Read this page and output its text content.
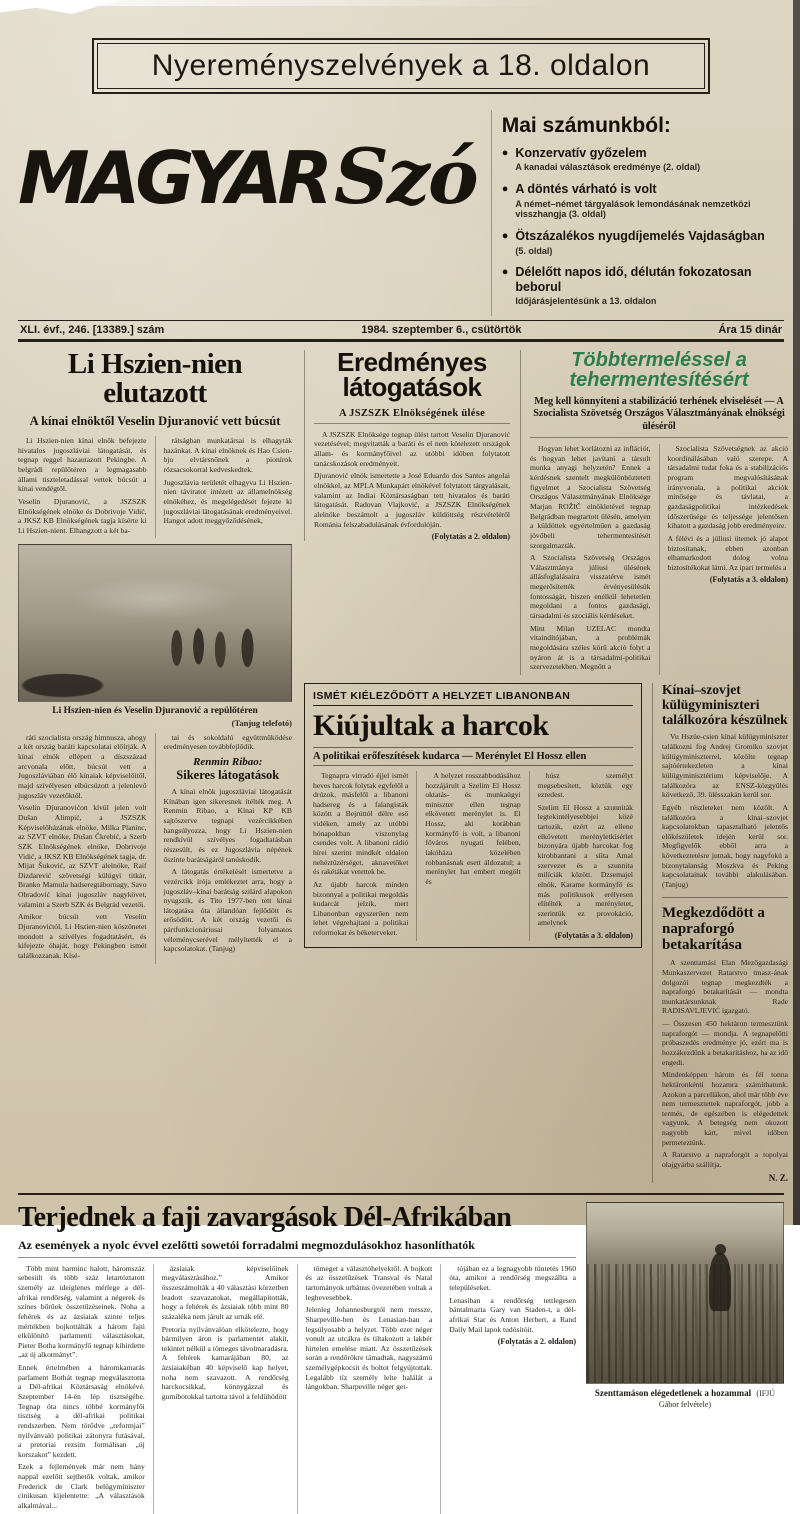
Nyereményszelvények a 18. oldalon
MAGYARSzó
Mai számunkból:
● Konzervatív győzelem
A kanadai választások eredménye (2. oldal)
● A döntés várható is volt
A német–német tárgyalások lemondásának nemzetközi visszhangja (3. oldal)
● Ötszázalékos nyugdíjemelés Vajdaságban
(5. oldal)
● Délelőtt napos idő, délután fokozatosan beborul
Időjárásjelentésünk a 13. oldalon
XLI. évf., 246. [13389.] szám	1984. szeptember 6., csütörtök	Ára 15 dinár
Li Hszien-nien elutazott
A kínai elnöktől Veselin Djuranović vett búcsút

Li Hszien-nien kínai elnök befejezte hivatalos jugoszláviai látogatását, és tegnap reggel hazautazott Pekingbe. A belgrádi repülőtéren a legmagasabb állami tiszteletadással vettek búcsút a kínai vendégtől.

Veselin Djuranović, a JSZSZK Elnökségének elnöke és Dobrivoje Vidić, a JKSZ KB Elnökségének tagja kísérte ki Li Hszien-nient. Elhangzott a két ba-

rátságban munkatársai is elhagyták hazánkat. A kínai elnöknek és Hao Csien-bju elvtársnőnek a pionírok rózsacsokorral kedveskedtek.

Jugoszlávia területét elhagyva Li Hszien-nien táviratot intézett az államelnökség elnökéhez, és megelégedését fejezte ki jugoszláviai látogatásának eredményeivel. Hangot adott meggyőződésének,

Li Hszien-nien és Veselin Djuranović a repülőtéren
(Tanjug telefotó)

ráti szocialista ország himnusza, ahogy a két ország baráti kapcsolatai előírják. A kínai elnök ellépett a díszszázad arcvonala előtt, búcsút vett a Jugoszláviában élő kínaiak képviselőitől, majd szívélyesen elbúcsúzott a jelenlevő jugoszláv vezetőktől.

Veselin Djuranovićon kívül jelen volt Dušan Alimpić, a JSZSZK Képviselőházának elnöke, Milka Planinc, az SZVT elnöke, Dušan Čkrebić, a Szerb SZK Elnökségének elnöke, Dobrivoje Vidić, a JKSZ KB Elnökségének tagja, dr. Mijat Šuković, az SZVT alelnöke, Raif Dizdarević szövetségi külügyi titkár, Branko Mamula hadseregtábornagy, Savo Obradović kínai jugoszláv nagykövet, valamint a Szerb SZK és Belgrád vezetői.

Amikor búcsút vett Veselin Djuranovićtól, Li Hszien-nien köszönetet mondott a szívélyes fogadtatásért, és kifejezte óhaját, hogy Pekingben ismét találkozzanak. Kísé-

tai és sokoldalú együttműködése eredményesen továbbfejlődik.

Renmin Ribao:
Sikeres látogatások

A kínai elnök jugoszláviai látogatását Kínában igen sikeresnek ítélték meg. A Renmin Ribao, a Kínai KP KB sajtószerve tegnapi vezércikkében hangsúlyozza, hogy Li Hszien-nien rendkívül szívélyes fogadtatásban részesült, és ez Jugoszlávia népének őszinte barátságáról tanúskodik.

A látogatás értékelését ismertetve a vezércikk írója emlékeztet arra, hogy a jugoszláv–kínai barátság szilárd alapokon nyugszik, és Tito 1977-ben tett kínai látogatása óta állandóan fejlődött és erősödött. A két ország vezetői és pártfunkcionáriusai folyamatos véleménycserével mélyítették el a kapcsolatokat. (Tanjug)

Eredményes látogatások
A JSZSZK Elnökségének ülése

A JSZSZK Elnöksége tegnap ülést tartott Veselin Djuranović vezetésével; megvitatták a baráti és el nem kötelezett országok állam- és kormányfőivel az utóbbi időben folytatott tanácskozások eredményeit.

Djuranović elnök ismertette a José Eduardo dos Santos angolai elnökkel, az MPLA Munkapárt elnökével folytatott tárgyalásait, valamint az Indiai Köztársaságban tett hivatalos és baráti látogatását. Radovan Vlajković, a JSZSZK Elnökségének alelnöke beszámolt a jugoszláv küldöttség részvételéről Románia felszabadulásának évfordulóján.

(Folytatás a 2. oldalon)
Többtermeléssel a tehermentesítésért
Meg kell könnyíteni a stabilizáció terhének elviselését — A Szocialista Szövetség Országos Választmányának elnökségi üléséről

Hogyan lehet korlátozni az inflációt, és hogyan lehet javítani a társult munka anyagi helyzetén? Ennek a kérdésnek szentelt megkülönböztetett figyelmet a Szocialista Szövetség Országos Választmányának Elnöksége Marjan ROŽIČ elnökletével tegnap Belgrádban megtartott ülésén, amelyen a küldöttek egyértelműen a gazdaság jövőbeli tehermentesítését szorgalmazták.

A Szocialista Szövetség Országos Választmánya júliusi ülésének állásfoglalásaira visszatérve ismét megerősítették érvényesülésük fontosságát, hiszen enélkül lehetetlen megoldani a fontos gazdasági, társadalmi és szociális kérdéseket.

Mint Milan UZELAC mondta vitaindítójában, a problémák megoldására széles körű akció folyt a nyáron át is a társadalmi-politikai szervezetekben. Megnőtt a

Szocialista Szövetségnek az akció koordinálásában való szerepe. A társadalmi tudat foka és a stabilizációs program megvalósításának irányvonala, a politikai akciók minősége és távlatai, a gazdaságpolitikai intézkedések időszerűsége és teljessége jelentősen kihatott a gazdaság jobb eredményeire.

A félévi és a júliusi ütemek jó alapot biztosítanak, ebben azonban elhamarkodott dolog volna biztosítékokat látni. Az ipari termelés a

(Folytatás a 3. oldalon)
ISMÉT KIÉLEZŐDÖTT A HELYZET LIBANONBAN
Kiújultak a harcok
A politikai erőfeszítések kudarca — Merénylet El Hossz ellen

Tegnapra virradó éjjel ismét heves harcok folytak egyfelől a drúzok, másfelől a libanoni hadsereg és a falangisták között a Bejrúttól délre eső vidéken, amely az utóbbi hónapokban viszonylag csendes volt. A libanoni rádió hírei szerint mindkét oldalon nehéztüzérséget, aknavetőket és rakétákat vetettek be.

Az újabb harcok minden bizonnyal a politikai megoldás kudarcát jelzik, mert Libanonban egyszerűen nem lehet végrehajtani a politikai reformokat és béketerveket.

A helyzet rosszabbodásához hozzájárult a Szelim El Hossz oktatás- és munkaügyi miniszter ellen tegnap elkövetett merénylet is. El Hossz, aki korábban kormányfő is volt, a libanoni főváros nyugati felében, lakóháza közelében robbanásnak esett áldozatul; a merénylet hat embert megölt és

húsz személyt megsebesített, köztük egy ezredest.

Szelim El Hossz a szunniták legtekintélyesebbjei közé tartozik, ezért az ellene elkövetett merényletkísérlet bizonyára újabb harcokat fog kirobbantani a síita Amal szervezet és a szunnita milíciák között. Dzsemajel elnök, Karame kormányfő és más politikusok erélyesen elítélték a merényletet, szerintük ez provokáció, amelynek

(Folytatás a 3. oldalon)
Kínai–szovjet külügyminiszteri találkozóra készülnek

Vu Hszüe-csien kínai külügyminiszter találkozni fog Andrej Gromiko szovjet külügyminiszterrel, közölte tegnap sajtóértekezleten a kínai külügyminisztérium képviselője. A találkozóra az ENSZ-közgyűlés következő, 39. ülésszakán kerül sor.

Egyéb részleteket nem közölt. A találkozóra a kínai–szovjet kapcsolatokban tapasztalható jelentős előkészületek idején kerül sor. Megfigyelők ebből arra a következtetésre jutnak, hogy nagyfokú a bizonytalanság Moszkva és Peking kapcsolatainak további alakulásában. (Tanjug)

Megkezdődött a napraforgó betakarítása

A szenttamási Elan Mezőgazdasági Munkaszervezet Ratarstvo tmasz-ának dolgozói tegnap megkezdték a napraforgó betakarítását — mondta munkatársunknak Rade RADISAVLJEVIĆ igazgató.

— Összesen 450 hektáron termesztünk napraforgót — mondja. A tegnapelőtti próbaszedés eredménye jó, ezért ma is hozzákezdünk a betakarításhoz, ha az idő engedi.

Mindenképpen három és fél tonna hektáronkénti hozamra számíthatunk. Azokon a parcellákon, ahol már több éve nem termesztettek napraforgót, jobb a termés, de egészében is elégedettek vagyunk. A betegség nem okozott nagyobb kárt, mivel időben permeteztünk.

A Ratarstvo a napraforgót a topolyai olajgyárba szállítja.

N. Z.
Terjednek a faji zavargások Dél-Afrikában
Az események a nyolc évvel ezelőtti sowetói forradalmi megmozdulásokhoz hasonlíthatók

Több mint harminc halott, háromszáz sebesült és több száz letartóztatott személy az ideiglenes mérlege a dél-afrikai rendőrség, valamint a négerek és színes bőrűek összetűzéseinek. Noha a fehérek és az ázsiaiak szinte teljes mértékben bojkottálták a három fajú elkülönítő parlamenti választásokat, Pieter Botha kormányfő tegnap kihirdette „az új alkotmányt”.

Ennek értelmében a háromkamarás parlament Bothát tegnap megválasztotta a Dél-afrikai Köztársaság elnökévé. Szeptember 14-én lép tisztségébe. Tegnap óta nincs többé kormányfői tisztség a dél-afrikai politikai rendszerben. Nem törődve „reformjai” nyilvánvaló politikai zátonyra futásával, a pretoriai rezsim formálisan „új korszakot” kezdett.

Ezek a fejlemények már nem hány nappal ezelőtt sejthetők voltak, amikor Frederick de Clark belügyminiszter cinikusan kijelentette: „A választások alkalmával...

ázsiaiak képviselőinek megválasztásához.” Amikor összeszámolták a 40 választási körzetben leadott szavazatokat, megállapították, hogy a fehérek és ázsiaiak több mint 80 százaléka nem járult az urnák elé.

Pretoria nyilvánvalóan elkötelezte, hogy bármilyen áron is parlamentet alakít, tekintet nélkül a tömeges távolmaradásra. A fehérek kamarájában 80, az ázsiaiakéban 40 képviselő kap helyet, noha nem szavazott. A rendőrség harckocsikkal, könnygázzal és gumibotokkal tartotta távol a feldühödött

tömeget a választóhelyektől. A bojkott és az összetűzések Transval és Natal tartományok urbánus övezetében voltak a leghevesebbek.

Jelenleg Johannesburgtól nem messze, Sharpeville-ben és Lenasian-ban a legsúlyosabb a helyzet. Több ezer néger vonult az utcákra és tiltakozott a lakbér hirtelen emelése miatt. Az összetűzések során a rendőrökre támadtak, nagyszámú személygépkocsit és boltot felgyújtottak. Legalább tíz személy lelte halálát a lángokban. Sharpeville néger get-

tójában ez a legnagyobb tüntetés 1960 óta, amikor a rendőrség megszállta a településeket.

Lenasiban a rendőrség tettlegesen bántalmazta Gary van Staden-t, a dél-afrikai Star és Anton Herbert, a Rand Daily Mail lapok tudósítóit.

(Folytatás a 2. oldalon)
Szenttamáson elégedetlenek a hozammal (IFJÚ Gábor felvétele)
